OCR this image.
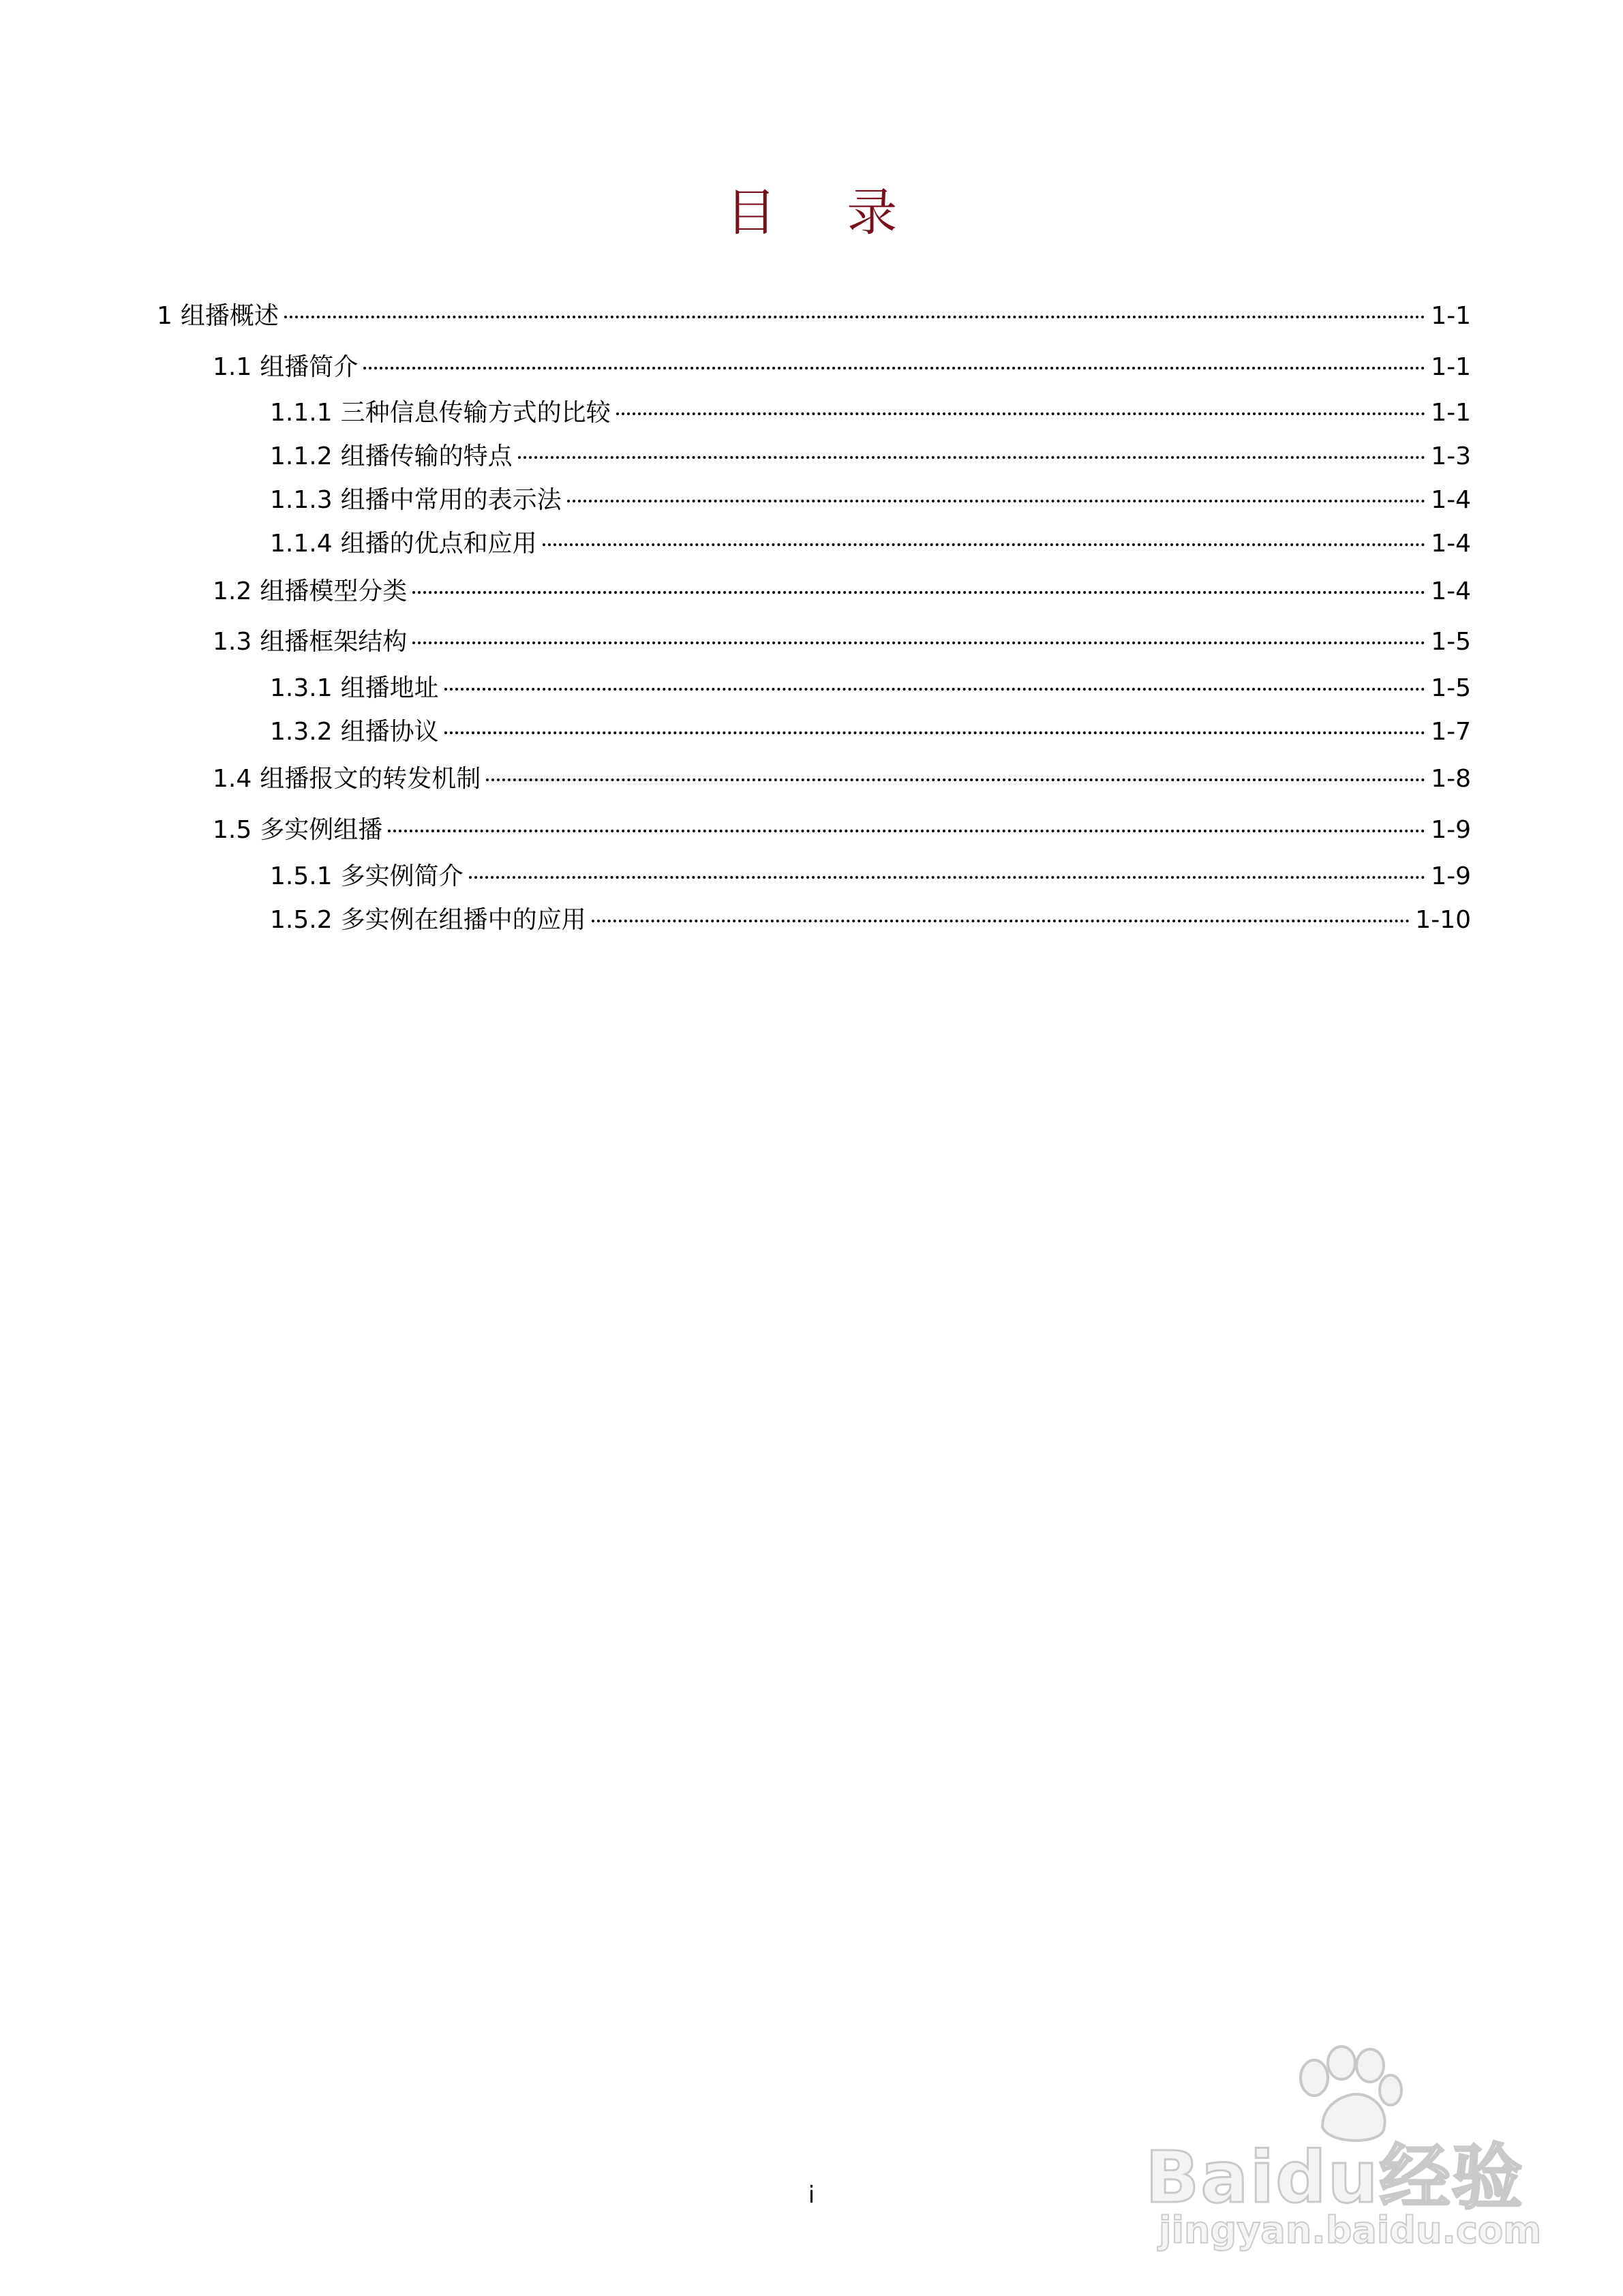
目 录
1 组播概述	1-1
1.1 组播简介	1-1
1.1.1 三种信息传输方式的比较	1-1
1.1.2 组播传输的特点	1-3
1.1.3 组播中常用的表示法	1-4
1.1.4 组播的优点和应用	1-4
1.2 组播模型分类	1-4
1.3 组播框架结构	1-5
1.3.1 组播地址	1-5
1.3.2 组播协议	1-7
1.4 组播报文的转发机制	1-8
1.5 多实例组播	1-9
1.5.1 多实例简介	1-9
1.5.2 多实例在组播中的应用	1-10
Baidu经验
jingyan.baidu.com
i
